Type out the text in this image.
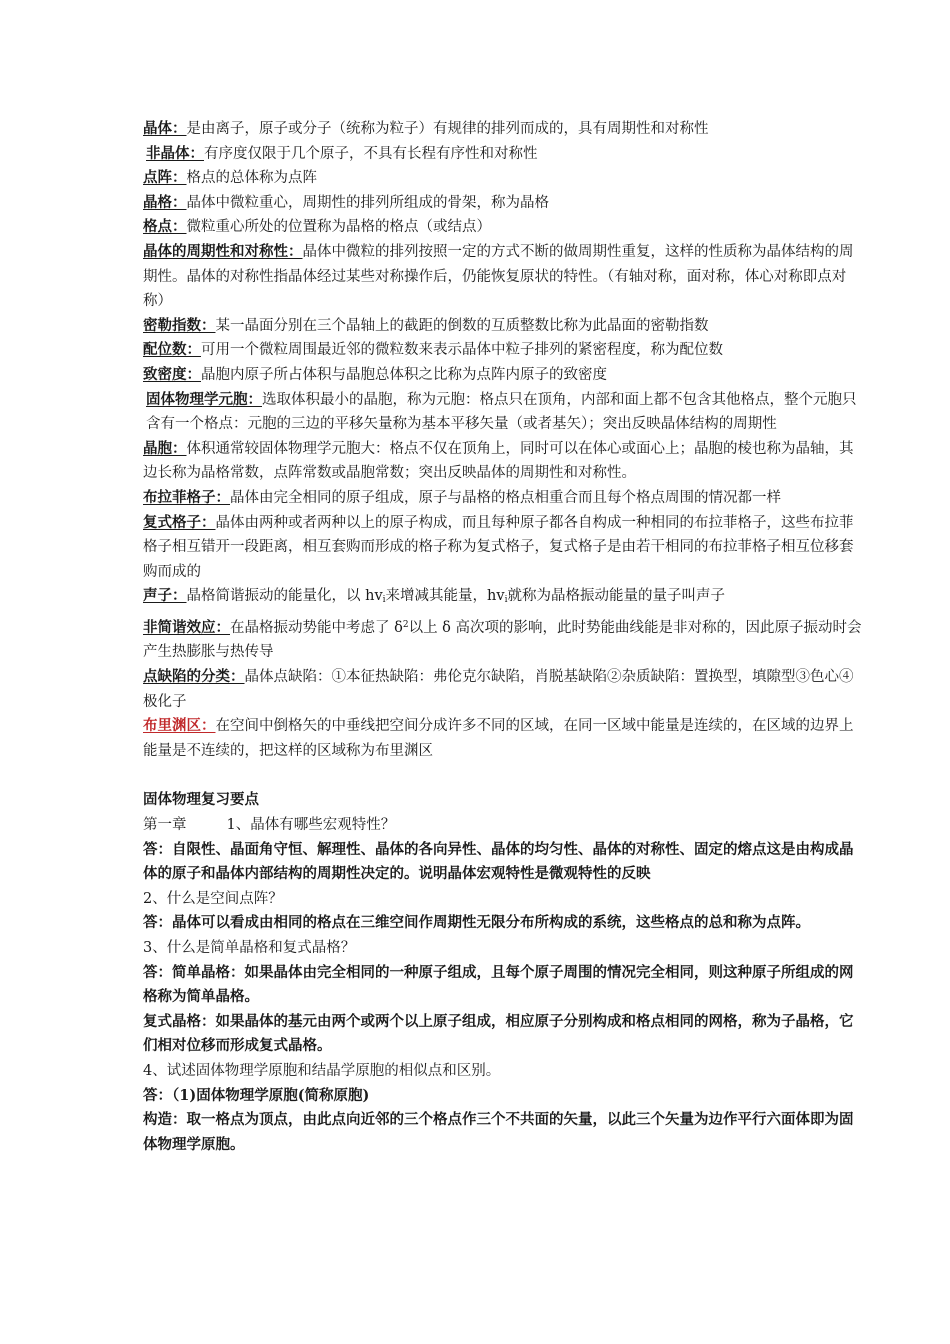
晶体：是由离子，原子或分子（统称为粒子）有规律的排列而成的，具有周期性和对称性

非晶体：有序度仅限于几个原子，不具有长程有序性和对称性

点阵：格点的总体称为点阵

晶格：晶体中微粒重心，周期性的排列所组成的骨架，称为晶格

格点：微粒重心所处的位置称为晶格的格点（或结点）

晶体的周期性和对称性：晶体中微粒的排列按照一定的方式不断的做周期性重复，这样的性质称为晶体结构的周期性。晶体的对称性指晶体经过某些对称操作后，仍能恢复原状的特性。（有轴对称，面对称，体心对称即点对称）

密勒指数：某一晶面分别在三个晶轴上的截距的倒数的互质整数比称为此晶面的密勒指数

配位数：可用一个微粒周围最近邻的微粒数来表示晶体中粒子排列的紧密程度，称为配位数

致密度：晶胞内原子所占体积与晶胞总体积之比称为点阵内原子的致密度

固体物理学元胞：选取体积最小的晶胞，称为元胞：格点只在顶角，内部和面上都不包含其他格点，整个元胞只含有一个格点：元胞的三边的平移矢量称为基本平移矢量（或者基矢）；突出反映晶体结构的周期性

晶胞：体积通常较固体物理学元胞大：格点不仅在顶角上，同时可以在体心或面心上；晶胞的棱也称为晶轴，其边长称为晶格常数，点阵常数或晶胞常数；突出反映晶体的周期性和对称性。

布拉菲格子：晶体由完全相同的原子组成，原子与晶格的格点相重合而且每个格点周围的情况都一样

复式格子：晶体由两种或者两种以上的原子构成，而且每种原子都各自构成一种相同的布拉菲格子，这些布拉菲格子相互错开一段距离，相互套购而形成的格子称为复式格子，复式格子是由若干相同的布拉菲格子相互位移套购而成的

声子：晶格简谐振动的能量化，以 $hv_i$来增减其能量，$hv_i$就称为晶格振动能量的量子叫声子

非简谐效应：在晶格振动势能中考虑了 $\delta^2$以上 δ 高次项的影响，此时势能曲线能是非对称的，因此原子振动时会产生热膨胀与热传导

点缺陷的分类：晶体点缺陷：①本征热缺陷：弗伦克尔缺陷，肖脱基缺陷②杂质缺陷：置换型，填隙型③色心④极化子

布里渊区：在空间中倒格矢的中垂线把空间分成许多不同的区域，在同一区域中能量是连续的，在区域的边界上能量是不连续的，把这样的区域称为布里渊区

固体物理复习要点

第一章	1、晶体有哪些宏观特性？

答：自限性、晶面角守恒、解理性、晶体的各向异性、晶体的均匀性、晶体的对称性、固定的熔点这是由构成晶体的原子和晶体内部结构的周期性决定的。说明晶体宏观特性是微观特性的反映

2、什么是空间点阵？

答：晶体可以看成由相同的格点在三维空间作周期性无限分布所构成的系统，这些格点的总和称为点阵。

3、什么是简单晶格和复式晶格？

答：简单晶格：如果晶体由完全相同的一种原子组成，且每个原子周围的情况完全相同，则这种原子所组成的网格称为简单晶格。

复式晶格：如果晶体的基元由两个或两个以上原子组成，相应原子分别构成和格点相同的网格，称为子晶格，它们相对位移而形成复式晶格。

4、试述固体物理学原胞和结晶学原胞的相似点和区别。

答：（1)固体物理学原胞(简称原胞)

构造：取一格点为顶点，由此点向近邻的三个格点作三个不共面的矢量，以此三个矢量为边作平行六面体即为固体物理学原胞。
